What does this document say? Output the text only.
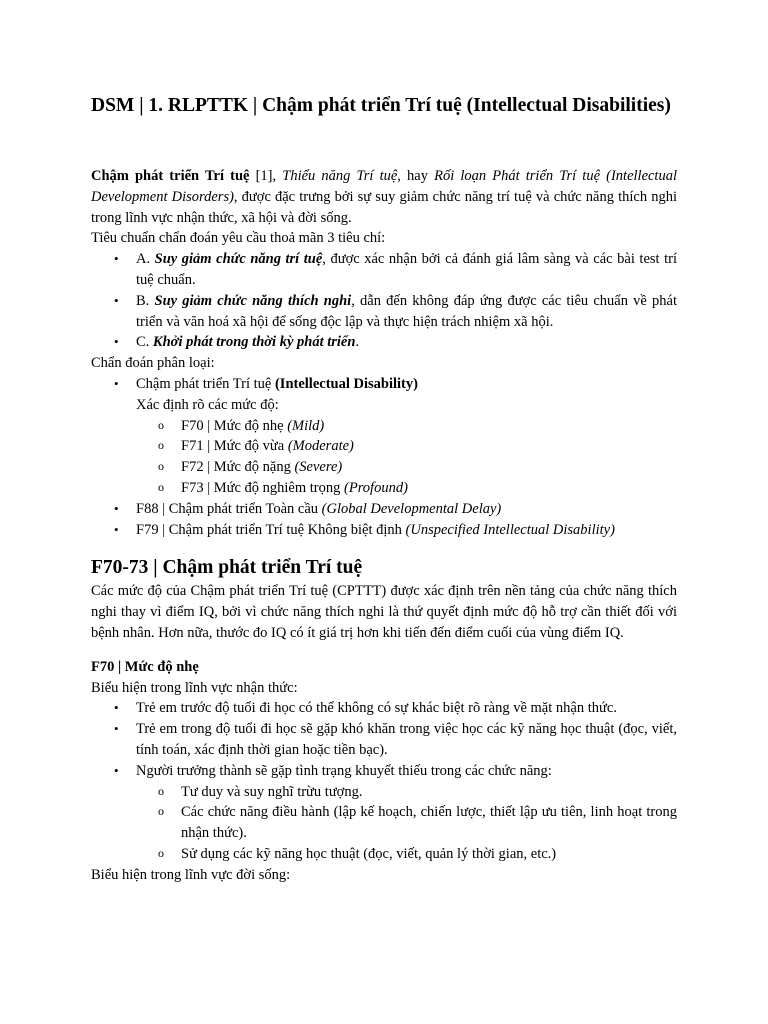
DSM | 1. RLPTTK | Chậm phát triển Trí tuệ (Intellectual Disabilities)

Chậm phát triển Trí tuệ [1], Thiểu năng Trí tuệ, hay Rối loạn Phát triển Trí tuệ (Intellectual Development Disorders), được đặc trưng bởi sự suy giảm chức năng trí tuệ và chức năng thích nghi trong lĩnh vực nhận thức, xã hội và đời sống.

Tiêu chuẩn chẩn đoán yêu cầu thoả mãn 3 tiêu chí:

• A. Suy giảm chức năng trí tuệ, được xác nhận bởi cả đánh giá lâm sàng và các bài test trí tuệ chuẩn.
• B. Suy giảm chức năng thích nghi, dẫn đến không đáp ứng được các tiêu chuẩn về phát triển và văn hoá xã hội để sống độc lập và thực hiện trách nhiệm xã hội.
• C. Khởi phát trong thời kỳ phát triển.

Chẩn đoán phân loại:

• Chậm phát triển Trí tuệ (Intellectual Disability)

Xác định rõ các mức độ:

o F70 | Mức độ nhẹ (Mild)
o F71 | Mức độ vừa (Moderate)
o F72 | Mức độ nặng (Severe)
o F73 | Mức độ nghiêm trọng (Profound)
• F88 | Chậm phát triển Toàn cầu (Global Developmental Delay)
• F79 | Chậm phát triển Trí tuệ Không biệt định (Unspecified Intellectual Disability)
F70-73 | Chậm phát triển Trí tuệ

Các mức độ của Chậm phát triển Trí tuệ (CPTTT) được xác định trên nền tảng của chức năng thích nghi thay vì điểm IQ, bởi vì chức năng thích nghi là thứ quyết định mức độ hỗ trợ cần thiết đối với bệnh nhân. Hơn nữa, thước đo IQ có ít giá trị hơn khi tiến đến điểm cuối của vùng điểm IQ.

F70 | Mức độ nhẹ

Biểu hiện trong lĩnh vực nhận thức:

• Trẻ em trước độ tuổi đi học có thể không có sự khác biệt rõ ràng về mặt nhận thức.
• Trẻ em trong độ tuổi đi học sẽ gặp khó khăn trong việc học các kỹ năng học thuật (đọc, viết, tính toán, xác định thời gian hoặc tiền bạc).
• Người trưởng thành sẽ gặp tình trạng khuyết thiếu trong các chức năng:
o Tư duy và suy nghĩ trừu tượng.
o Các chức năng điều hành (lập kế hoạch, chiến lược, thiết lập ưu tiên, linh hoạt trong nhận thức).
o Sử dụng các kỹ năng học thuật (đọc, viết, quản lý thời gian, etc.)

Biểu hiện trong lĩnh vực đời sống:
